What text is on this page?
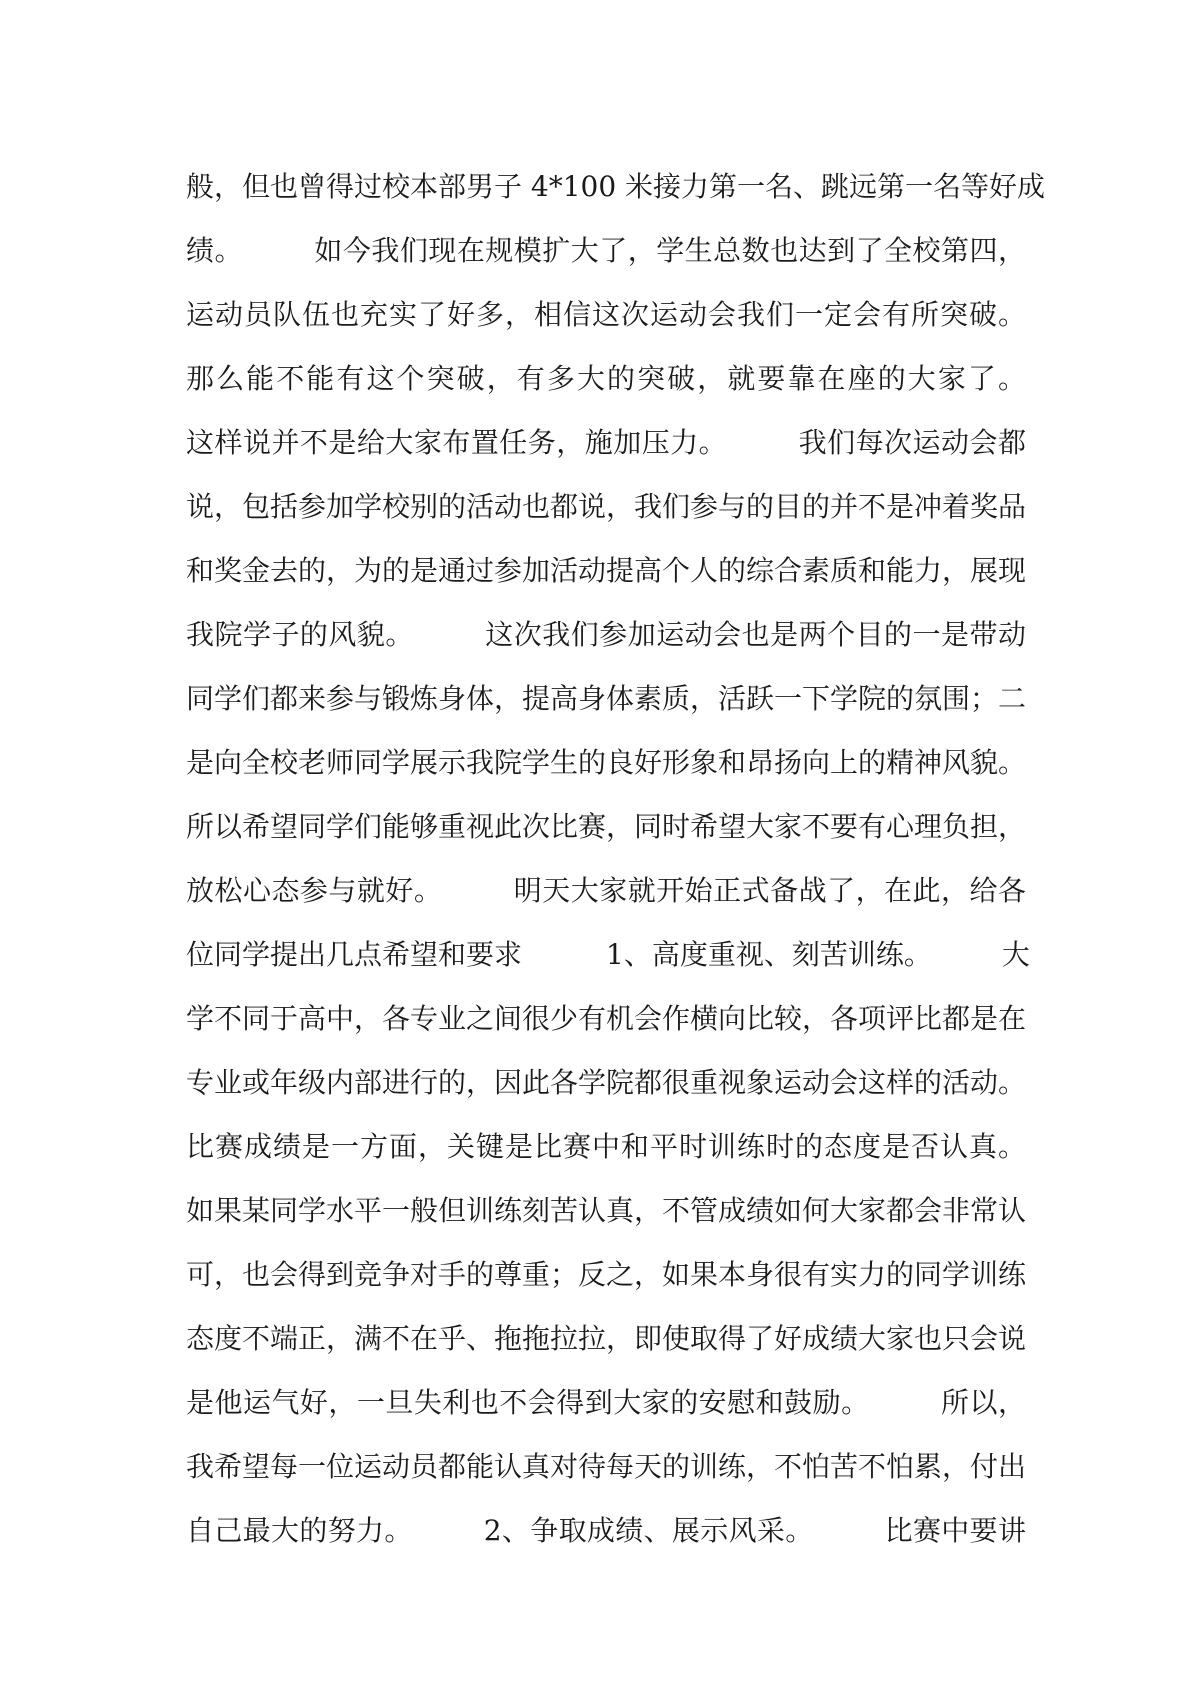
般，但也曾得过校本部男子 4*100 米接力第一名、跳远第一名等好成
绩。　　　如今我们现在规模扩大了，学生总数也达到了全校第四，
运动员队伍也充实了好多，相信这次运动会我们一定会有所突破。
那么能不能有这个突破，有多大的突破，就要靠在座的大家了。
这样说并不是给大家布置任务，施加压力。　　　我们每次运动会都
说，包括参加学校别的活动也都说，我们参与的目的并不是冲着奖品
和奖金去的，为的是通过参加活动提高个人的综合素质和能力，展现
我院学子的风貌。　　　这次我们参加运动会也是两个目的一是带动
同学们都来参与锻炼身体，提高身体素质，活跃一下学院的氛围；二
是向全校老师同学展示我院学生的良好形象和昂扬向上的精神风貌。
所以希望同学们能够重视此次比赛，同时希望大家不要有心理负担，
放松心态参与就好。　　　明天大家就开始正式备战了，在此，给各
位同学提出几点希望和要求　　　1、高度重视、刻苦训练。　　　大
学不同于高中，各专业之间很少有机会作横向比较，各项评比都是在
专业或年级内部进行的，因此各学院都很重视象运动会这样的活动。
比赛成绩是一方面，关键是比赛中和平时训练时的态度是否认真。
如果某同学水平一般但训练刻苦认真，不管成绩如何大家都会非常认
可，也会得到竞争对手的尊重；反之，如果本身很有实力的同学训练
态度不端正，满不在乎、拖拖拉拉，即使取得了好成绩大家也只会说
是他运气好，一旦失利也不会得到大家的安慰和鼓励。　　　所以，
我希望每一位运动员都能认真对待每天的训练，不怕苦不怕累，付出
自己最大的努力。　　　2、争取成绩、展示风采。　　　比赛中要讲
